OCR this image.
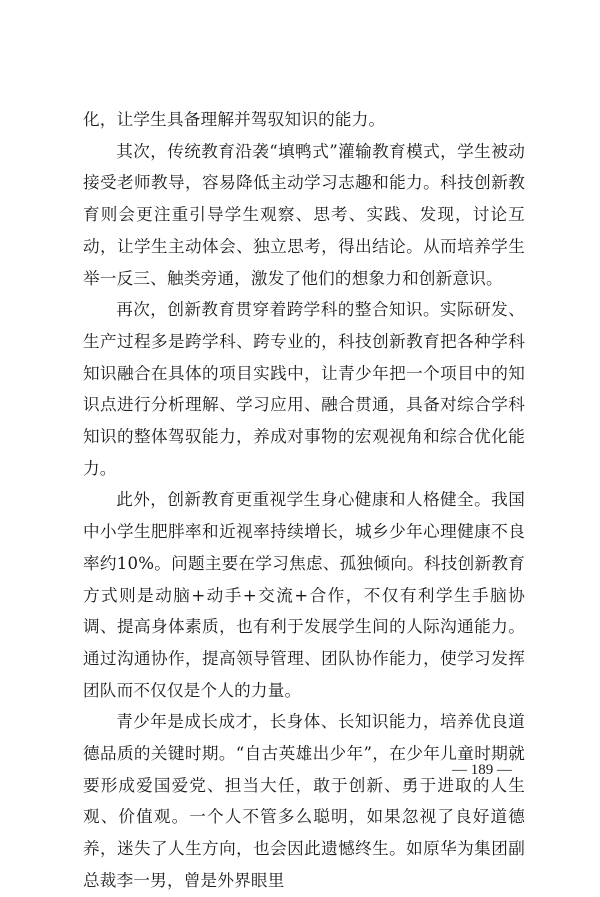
化，让学生具备理解并驾驭知识的能力。

其次，传统教育沿袭“填鸭式”灌输教育模式，学生被动接受老师教导，容易降低主动学习志趣和能力。科技创新教育则会更注重引导学生观察、思考、实践、发现，讨论互动，让学生主动体会、独立思考，得出结论。从而培养学生举一反三、触类旁通，激发了他们的想象力和创新意识。

再次，创新教育贯穿着跨学科的整合知识。实际研发、生产过程多是跨学科、跨专业的，科技创新教育把各种学科知识融合在具体的项目实践中，让青少年把一个项目中的知识点进行分析理解、学习应用、融合贯通，具备对综合学科知识的整体驾驭能力，养成对事物的宏观视角和综合优化能力。

此外，创新教育更重视学生身心健康和人格健全。我国中小学生肥胖率和近视率持续增长，城乡少年心理健康不良率约10%。问题主要在学习焦虑、孤独倾向。科技创新教育方式则是动脑+动手+交流+合作，不仅有利学生手脑协调、提高身体素质，也有利于发展学生间的人际沟通能力。通过沟通协作，提高领导管理、团队协作能力，使学习发挥团队而不仅仅是个人的力量。

青少年是成长成才，长身体、长知识能力，培养优良道德品质的关键时期。“自古英雄出少年”，在少年儿童时期就要形成爱国爱党、担当大任，敢于创新、勇于进取的人生观、价值观。一个人不管多么聪明，如果忽视了良好道德养，迷失了人生方向，也会因此遗憾终生。如原华为集团副总裁李一男，曾是外界眼里

— 189 —
